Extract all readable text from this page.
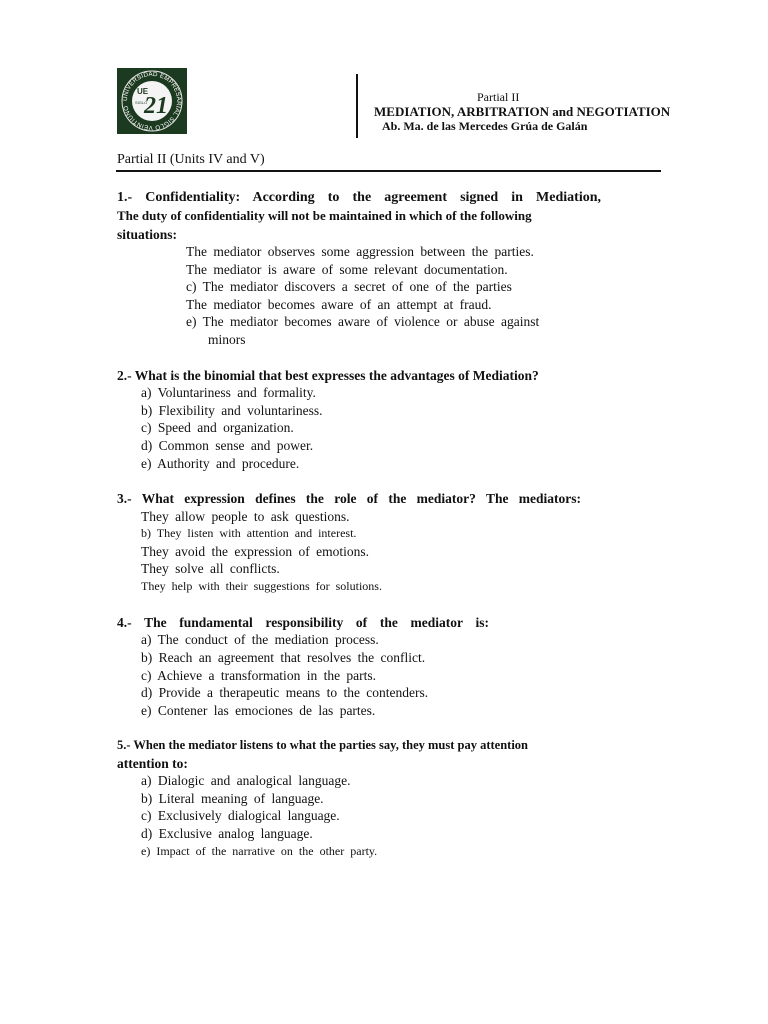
UNIVERSIDAD EMPRESARIAL SIGLO VEINTIUNO
UE
21
SIGLO	Partial II
MEDIATION, ARBITRATION and NEGOTIATION
Ab. Ma. de las Mercedes Grúa de Galán
Partial II (Units IV and V)
1.- Confidentiality: According to the agreement signed in Mediation,
The duty of confidentiality will not be maintained in which of the following
situations:
The mediator observes some aggression between the parties.
The mediator is aware of some relevant documentation.
c) The mediator discovers a secret of one of the parties
The mediator becomes aware of an attempt at fraud.
e) The mediator becomes aware of violence or abuse against
minors
2.- What is the binomial that best expresses the advantages of Mediation?
a) Voluntariness and formality.
b) Flexibility and voluntariness.
c) Speed and organization.
d) Common sense and power.
e) Authority and procedure.
3.- What expression defines the role of the mediator? The mediators:
They allow people to ask questions.
b) They listen with attention and interest.
They avoid the expression of emotions.
They solve all conflicts.
They help with their suggestions for solutions.
4.- The fundamental responsibility of the mediator is:
a) The conduct of the mediation process.
b) Reach an agreement that resolves the conflict.
c) Achieve a transformation in the parts.
d) Provide a therapeutic means to the contenders.
e) Contener las emociones de las partes.
5.- When the mediator listens to what the parties say, they must pay attention
attention to:
a) Dialogic and analogical language.
b) Literal meaning of language.
c) Exclusively dialogical language.
d) Exclusive analog language.
e) Impact of the narrative on the other party.
